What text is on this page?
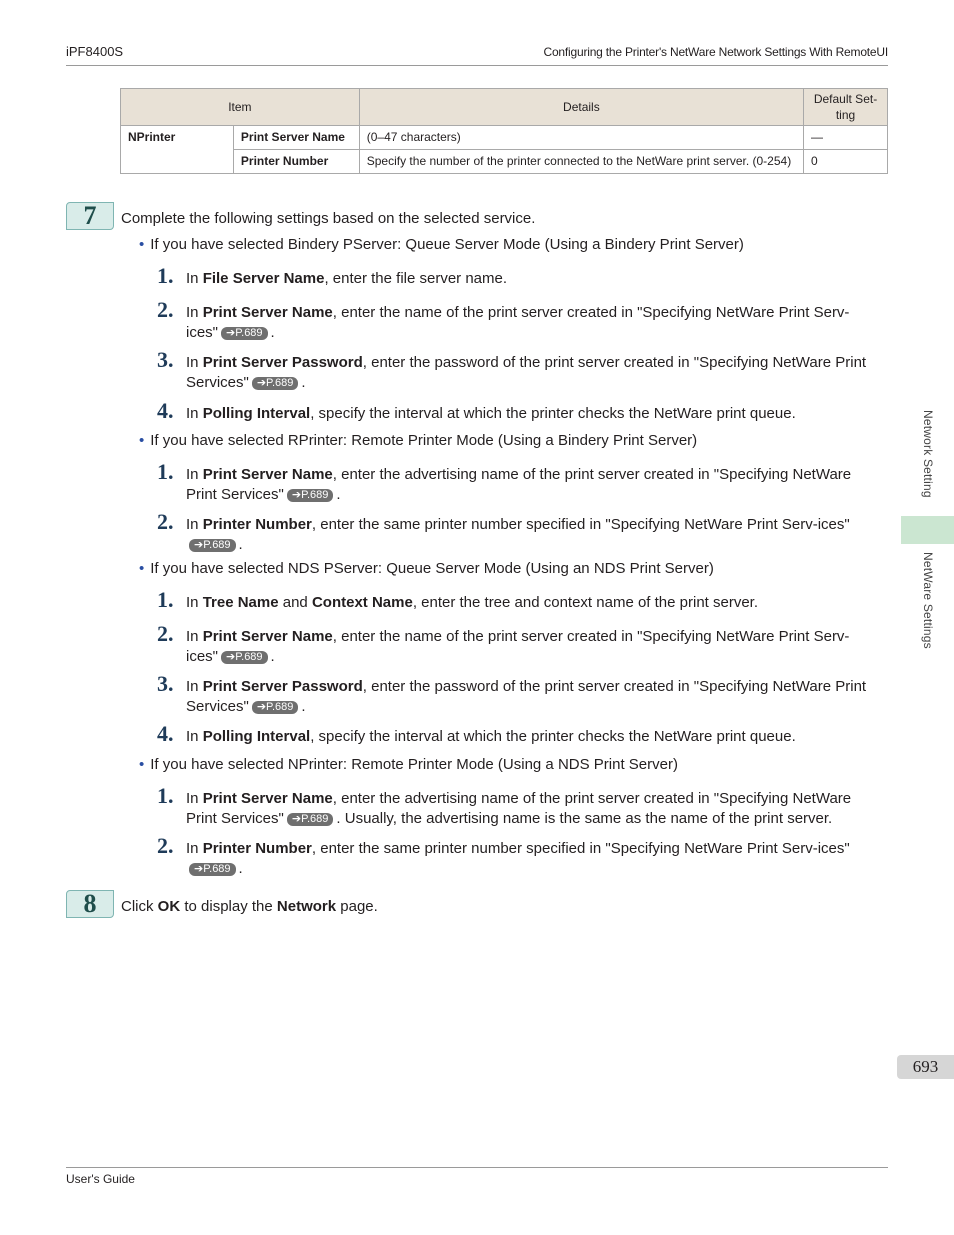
iPF8400S	Configuring the Printer's NetWare Network Settings With RemoteUI
Item		Details	Default Set-ting
NPrinter	Print Server Name	(0–47 characters)	—
	Printer Number	Specify the number of the printer connected to the NetWare print server. (0-254)	0
7	Complete the following settings based on the selected service.
• If you have selected Bindery PServer: Queue Server Mode (Using a Bindery Print Server)
1. In File Server Name, enter the file server name.
2. In Print Server Name, enter the name of the print server created in "Specifying NetWare Print Serv-ices" ➔P.689 .
3. In Print Server Password, enter the password of the print server created in "Specifying NetWare Print Services" ➔P.689 .
4. In Polling Interval, specify the interval at which the printer checks the NetWare print queue.
• If you have selected RPrinter: Remote Printer Mode (Using a Bindery Print Server)
1. In Print Server Name, enter the advertising name of the print server created in "Specifying NetWare Print Services" ➔P.689 .
2. In Printer Number, enter the same printer number specified in "Specifying NetWare Print Serv-ices"➔P.689 .
• If you have selected NDS PServer: Queue Server Mode (Using an NDS Print Server)
1. In Tree Name and Context Name, enter the tree and context name of the print server.
2. In Print Server Name, enter the name of the print server created in "Specifying NetWare Print Serv-ices" ➔P.689 .
3. In Print Server Password, enter the password of the print server created in "Specifying NetWare Print Services" ➔P.689 .
4. In Polling Interval, specify the interval at which the printer checks the NetWare print queue.
• If you have selected NPrinter: Remote Printer Mode (Using a NDS Print Server)
1. In Print Server Name, enter the advertising name of the print server created in "Specifying NetWare Print Services" ➔P.689 . Usually, the advertising name is the same as the name of the print server.
2. In Printer Number, enter the same printer number specified in "Specifying NetWare Print Serv-ices"➔P.689 .
8	Click OK to display the Network page.
Network Setting
NetWare Settings
693
User's Guide
